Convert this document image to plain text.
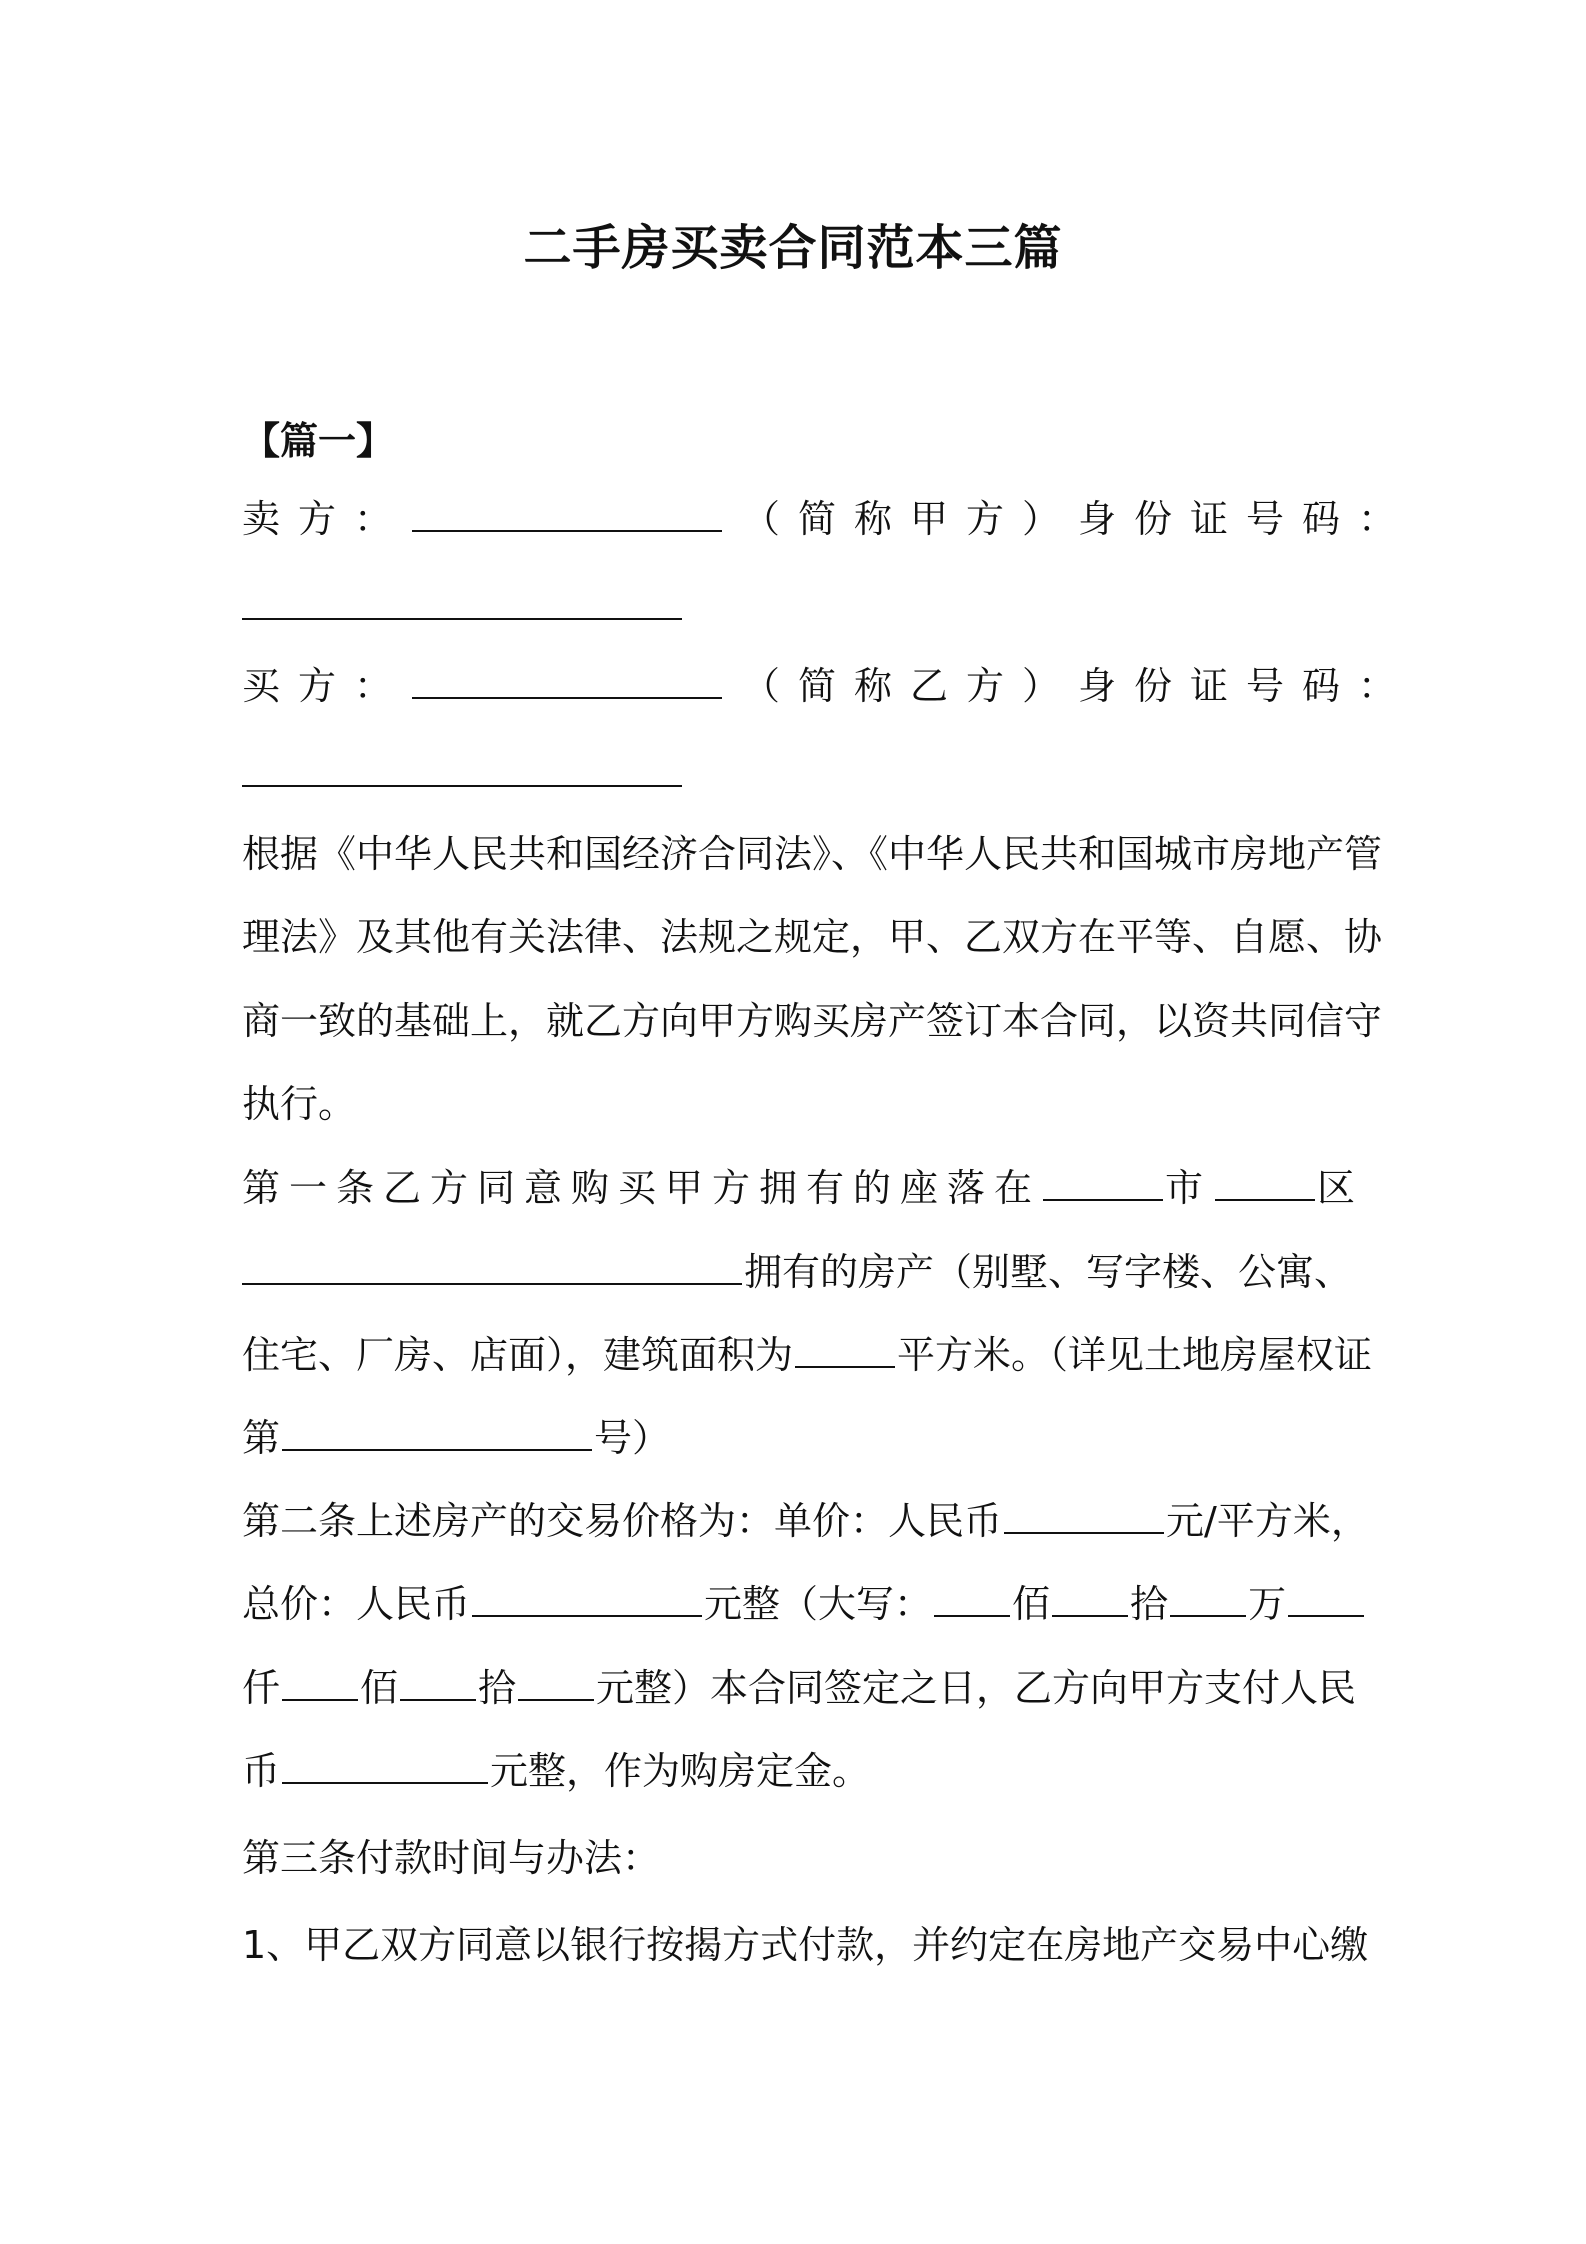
二手房买卖合同范本三篇
【篇一】
卖方：	（简称甲方）身份证号码：
买方：	（简称乙方）身份证号码：
根据《中华人民共和国经济合同法》、《中华人民共和国城市房地产管
理法》及其他有关法律、法规之规定，甲、乙双方在平等、自愿、协
商一致的基础上，就乙方向甲方购买房产签订本合同，以资共同信守
执行。
第一条乙方同意购买甲方拥有的座落在	市	区
拥有的房产（别墅、写字楼、公寓、
住宅、厂房、店面），建筑面积为	平方米。（详见土地房屋权证
第	号）
第二条上述房产的交易价格为：单价：人民币	元/平方米，
总价：人民币	元整（大写： 佰 拾 万
仟 佰 拾 元整）本合同签定之日，乙方向甲方支付人民
币	元整，作为购房定金。
第三条付款时间与办法：
1、甲乙双方同意以银行按揭方式付款，并约定在房地产交易中心缴
